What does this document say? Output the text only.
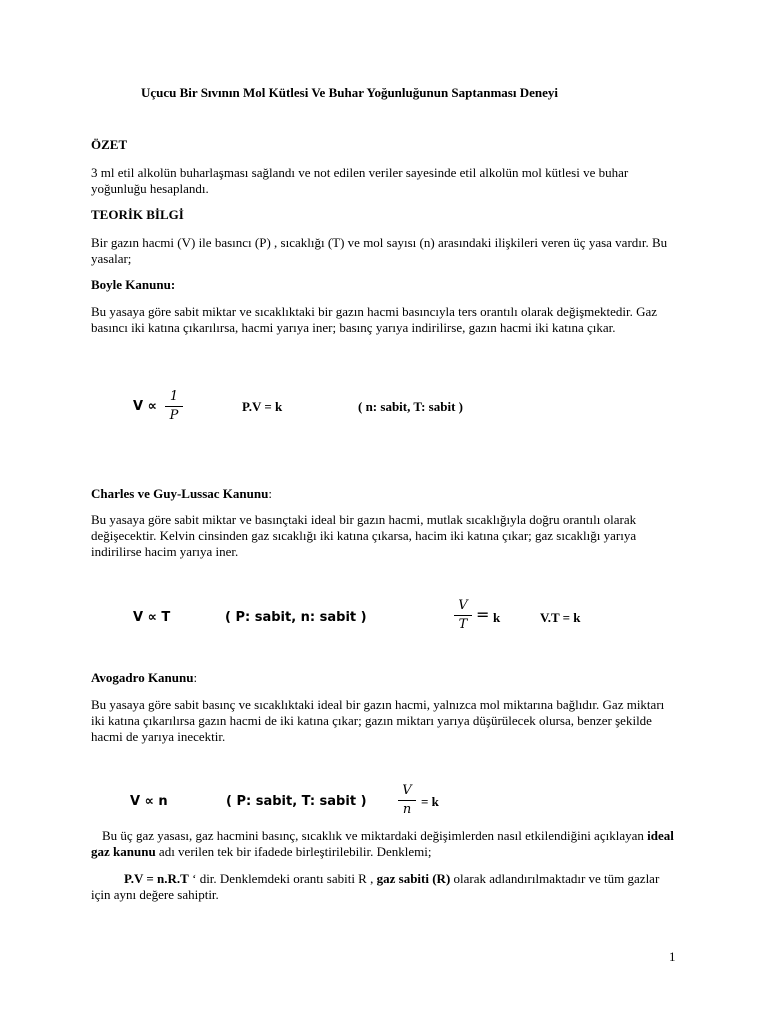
Uçucu Bir Sıvının Mol Kütlesi Ve Buhar Yoğunluğunun Saptanması Deneyi
ÖZET
3 ml etil alkolün buharlaşması sağlandı ve not edilen veriler sayesinde etil alkolün mol kütlesi ve buhar yoğunluğu hesaplandı.
TEORİK BİLGİ
Bir gazın hacmi (V) ile basıncı (P) , sıcaklığı (T) ve mol sayısı (n) arasındaki ilişkileri veren üç yasa vardır. Bu yasalar;
Boyle Kanunu:
Bu yasaya göre sabit miktar ve sıcaklıktaki bir gazın hacmi basıncıyla ters orantılı olarak değişmektedir. Gaz basıncı iki katına çıkarılırsa, hacmi yarıya iner; basınç yarıya indirilirse, gazın hacmi iki katına çıkar.
V ∝
1
P
P.V = k	( n: sabit, T: sabit )
Charles ve Guy-Lussac Kanunu:
Bu yasaya göre sabit miktar ve basınçtaki ideal bir gazın hacmi, mutlak sıcaklığıyla doğru orantılı olarak değişecektir. Kelvin cinsinden gaz sıcaklığı iki katına çıkarsa, hacim iki katına çıkar; gaz sıcaklığı yarıya indirilirse hacim yarıya iner.
V ∝ T	( P: sabit, n: sabit )
V
T
= k	V.T = k
Avogadro Kanunu:
Bu yasaya göre sabit basınç ve sıcaklıktaki ideal bir gazın hacmi, yalnızca mol miktarına bağlıdır. Gaz miktarı iki katına çıkarılırsa gazın hacmi de iki katına çıkar; gazın miktarı yarıya düşürülecek olursa, benzer şekilde hacmi de yarıya inecektir.
V ∝ n	( P: sabit, T: sabit )
V
n
= k
Bu üç gaz yasası, gaz hacmini basınç, sıcaklık ve miktardaki değişimlerden nasıl etkilendiğini açıklayan ideal gaz kanunu adı verilen tek bir ifadede birleştirilebilir. Denklemi;
P.V = n.R.T ‘ dir. Denklemdeki orantı sabiti R , gaz sabiti (R) olarak adlandırılmaktadır ve tüm gazlar için aynı değere sahiptir.
1
